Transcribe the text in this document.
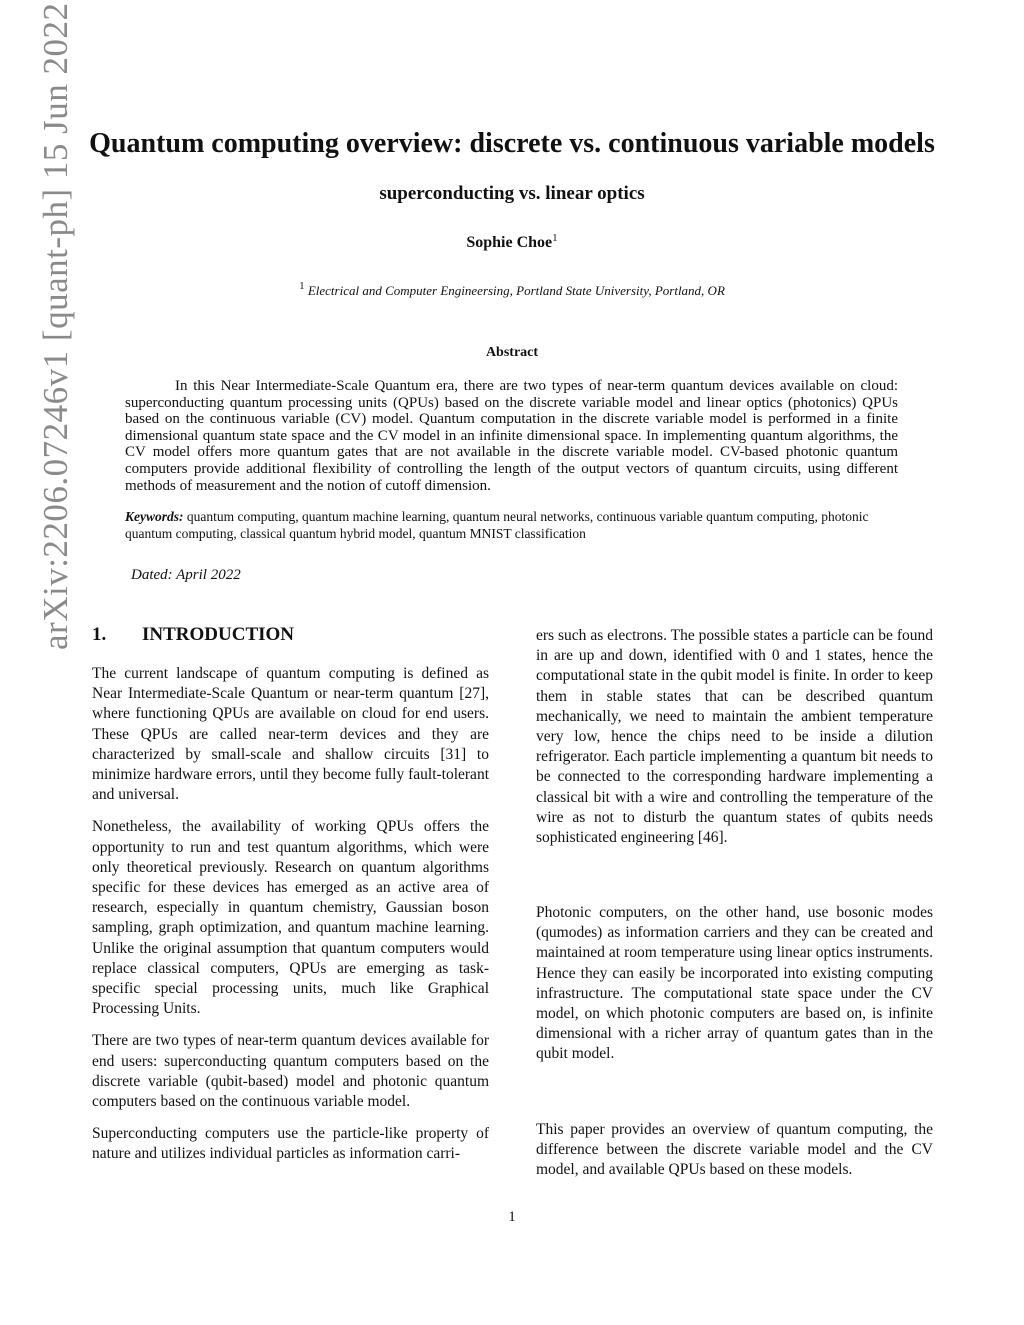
arXiv:2206.07246v1 [quant-ph] 15 Jun 2022 Quantum computing overview: discrete vs. continuous variable models
superconducting vs. linear optics
Sophie Choe$^1$
$^1$ Electrical and Computer Engineersing, Portland State University, Portland, OR
Abstract

In this Near Intermediate-Scale Quantum era, there are two types of near-term quantum devices available on cloud: superconducting quantum processing units (QPUs) based on the discrete variable model and linear optics (photonics) QPUs based on the continuous variable (CV) model. Quantum computation in the discrete variable model is performed in a finite dimensional quantum state space and the CV model in an infinite dimensional space. In implementing quantum algorithms, the CV model offers more quantum gates that are not available in the discrete variable model. CV-based photonic quantum computers provide additional flexibility of controlling the length of the output vectors of quantum circuits, using different methods of measurement and the notion of cutoff dimension.

Keywords: quantum computing, quantum machine learning, quantum neural networks, continuous variable quantum computing, photonic quantum computing, classical quantum hybrid model, quantum MNIST classification

Dated: April 2022
1. INTRODUCTION

The current landscape of quantum computing is defined as Near Intermediate-Scale Quantum or near-term quantum [27], where functioning QPUs are available on cloud for end users. These QPUs are called near-term devices and they are characterized by small-scale and shallow circuits [31] to minimize hardware errors, until they become fully fault-tolerant and universal.

Nonetheless, the availability of working QPUs offers the opportunity to run and test quantum algorithms, which were only theoretical previously. Research on quantum algorithms specific for these devices has emerged as an active area of research, especially in quantum chemistry, Gaussian boson sampling, graph optimization, and quantum machine learning. Unlike the original assumption that quantum computers would replace classical computers, QPUs are emerging as task-specific special processing units, much like Graphical Processing Units.

There are two types of near-term quantum devices available for end users: superconducting quantum computers based on the discrete variable (qubit-based) model and photonic quantum computers based on the continuous variable model.

Superconducting computers use the particle-like property of nature and utilizes individual particles as information carri-

ers such as electrons. The possible states a particle can be found in are up and down, identified with 0 and 1 states, hence the computational state in the qubit model is finite. In order to keep them in stable states that can be described quantum mechanically, we need to maintain the ambient temperature very low, hence the chips need to be inside a dilution refrigerator. Each particle implementing a quantum bit needs to be connected to the corresponding hardware implementing a classical bit with a wire and controlling the temperature of the wire as not to disturb the quantum states of qubits needs sophisticated engineering [46].

Photonic computers, on the other hand, use bosonic modes (qumodes) as information carriers and they can be created and maintained at room temperature using linear optics instruments. Hence they can easily be incorporated into existing computing infrastructure. The computational state space under the CV model, on which photonic computers are based on, is infinite dimensional with a richer array of quantum gates than in the qubit model.

This paper provides an overview of quantum computing, the difference between the discrete variable model and the CV model, and available QPUs based on these models.

1
